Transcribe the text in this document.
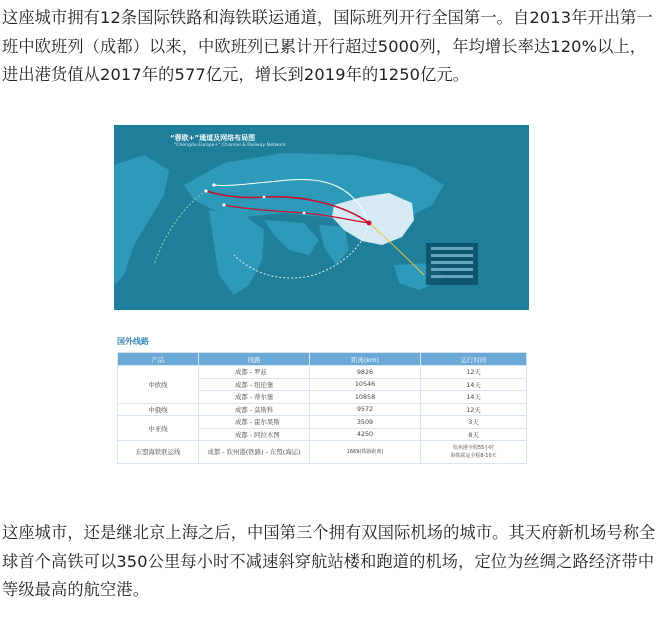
这座城市拥有12条国际铁路和海铁联运通道，国际班列开行全国第一。自2013年开出第一班中欧班列（成都）以来，中欧班列已累计开行超过5000列，年均增长率达120%以上，进出港货值从2017年的577亿元，增长到2019年的1250亿元。

“蓉欧+”通道及网络布局图
"Chengdu-Europe+" Channel & Railway Network
国外线路
产品	线路	距离(km)	运行时间
中欧线	成都 - 罗兹	9826	12天
	成都 - 纽伦堡	10546	14天
	成都 - 蒂尔堡	10858	14天
中俄线	成都 - 莫斯科	9572	12天
中亚线	成都 - 霍尔果斯	3509	3天
	成都 - 阿拉木图	4250	8天
东盟海铁联运线	成都 - 钦州港(铁路) - 东盟(海运)	1669(铁路距离)	钦州港全程55小时
海铁联运全程8-10天

这座城市，还是继北京上海之后，中国第三个拥有双国际机场的城市。其天府新机场号称全球首个高铁可以350公里每小时不减速斜穿航站楼和跑道的机场，定位为丝绸之路经济带中等级最高的航空港。
